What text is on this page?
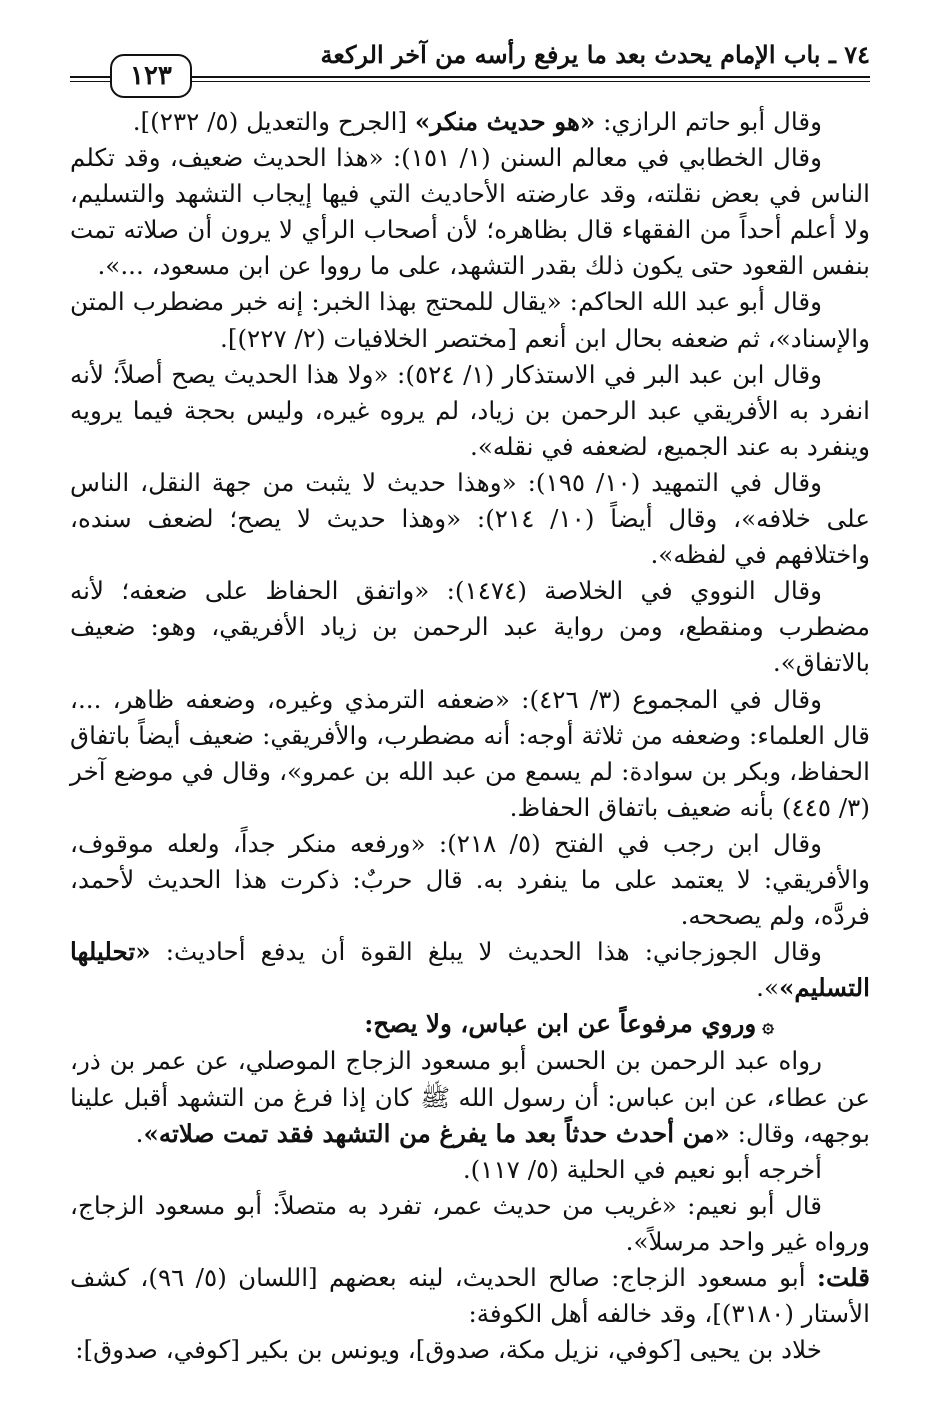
٧٤ ـ باب الإمام يحدث بعد ما يرفع رأسه من آخر الركعة
١٢٣

وقال أبو حاتم الرازي: «هو حديث منكر» [الجرح والتعديل (٥/ ٢٣٢)].

وقال الخطابي في معالم السنن (١/ ١٥١): «هذا الحديث ضعيف، وقد تكلم الناس في بعض نقلته، وقد عارضته الأحاديث التي فيها إيجاب التشهد والتسليم، ولا أعلم أحداً من الفقهاء قال بظاهره؛ لأن أصحاب الرأي لا يرون أن صلاته تمت بنفس القعود حتى يكون ذلك بقدر التشهد، على ما رووا عن ابن مسعود، ...».

وقال أبو عبد الله الحاكم: «يقال للمحتج بهذا الخبر: إنه خبر مضطرب المتن والإسناد»، ثم ضعفه بحال ابن أنعم [مختصر الخلافيات (٢/ ٢٢٧)].

وقال ابن عبد البر في الاستذكار (١/ ٥٢٤): «ولا هذا الحديث يصح أصلاً؛ لأنه انفرد به الأفريقي عبد الرحمن بن زياد، لم يروه غيره، وليس بحجة فيما يرويه وينفرد به عند الجميع، لضعفه في نقله».

وقال في التمهيد (١٠/ ١٩٥): «وهذا حديث لا يثبت من جهة النقل، الناس على خلافه»، وقال أيضاً (١٠/ ٢١٤): «وهذا حديث لا يصح؛ لضعف سنده، واختلافهم في لفظه».

وقال النووي في الخلاصة (١٤٧٤): «واتفق الحفاظ على ضعفه؛ لأنه مضطرب ومنقطع، ومن رواية عبد الرحمن بن زياد الأفريقي، وهو: ضعيف بالاتفاق».

وقال في المجموع (٣/ ٤٢٦): «ضعفه الترمذي وغيره، وضعفه ظاهر، ...، قال العلماء: وضعفه من ثلاثة أوجه: أنه مضطرب، والأفريقي: ضعيف أيضاً باتفاق الحفاظ، وبكر بن سوادة: لم يسمع من عبد الله بن عمرو»، وقال في موضع آخر (٣/ ٤٤٥) بأنه ضعيف باتفاق الحفاظ.

وقال ابن رجب في الفتح (٥/ ٢١٨): «ورفعه منكر جداً، ولعله موقوف، والأفريقي: لا يعتمد على ما ينفرد به. قال حربٌ: ذكرت هذا الحديث لأحمد، فردَّه، ولم يصححه.

وقال الجوزجاني: هذا الحديث لا يبلغ القوة أن يدفع أحاديث: «تحليلها التسليم»».

۞وروي مرفوعاً عن ابن عباس، ولا يصح:

رواه عبد الرحمن بن الحسن أبو مسعود الزجاج الموصلي، عن عمر بن ذر، عن عطاء، عن ابن عباس: أن رسول الله ﷺ كان إذا فرغ من التشهد أقبل علينا بوجهه، وقال: «من أحدث حدثاً بعد ما يفرغ من التشهد فقد تمت صلاته».

أخرجه أبو نعيم في الحلية (٥/ ١١٧).

قال أبو نعيم: «غريب من حديث عمر، تفرد به متصلاً: أبو مسعود الزجاج، ورواه غير واحد مرسلاً».

قلت: أبو مسعود الزجاج: صالح الحديث، لينه بعضهم [اللسان (٥/ ٩٦)، كشف الأستار (٣١٨٠)]، وقد خالفه أهل الكوفة:

خلاد بن يحيى [كوفي، نزيل مكة، صدوق]، ويونس بن بكير [كوفي، صدوق]:
